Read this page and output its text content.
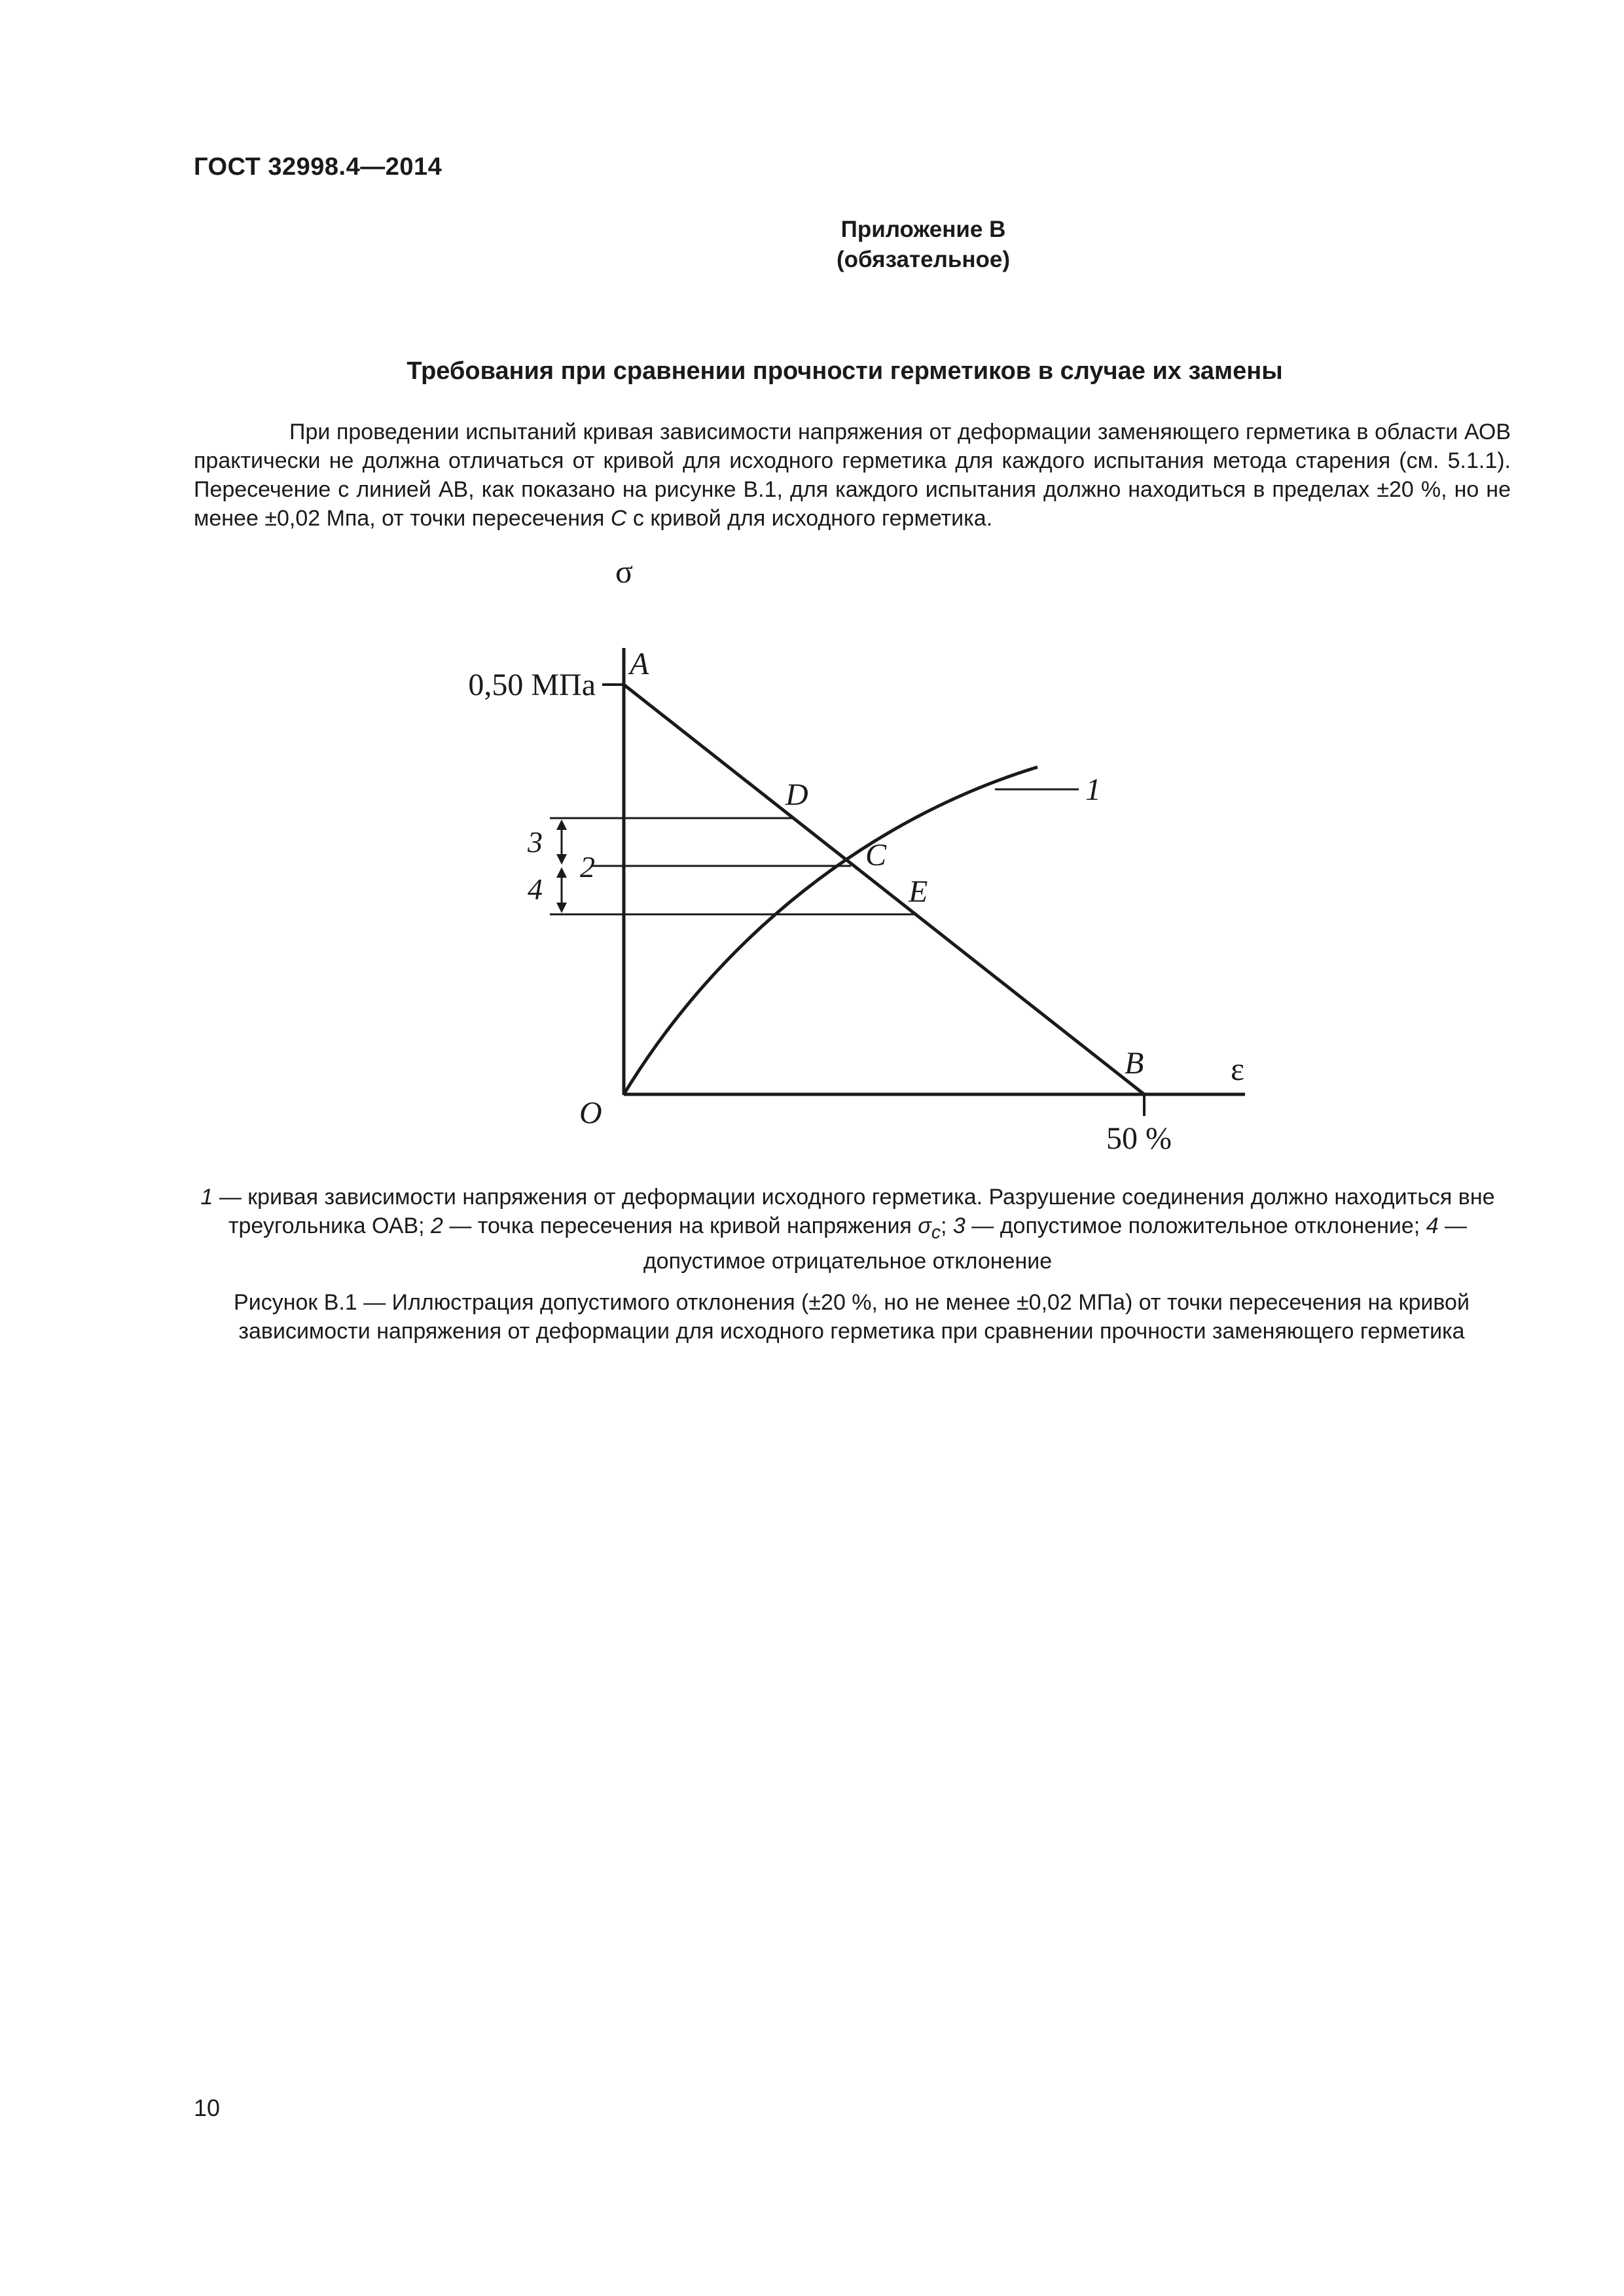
ГОСТ 32998.4—2014
Приложение В
(обязательное)
Требования при сравнении прочности герметиков в случае их замены
При проведении испытаний кривая зависимости напряжения от деформации заменяющего герметика в области АОВ практически не должна отличаться от кривой для исходного герметика для каждого испытания метода старения (см. 5.1.1). Пересечение с линией АВ, как показано на рисунке В.1, для каждого испытания должно находиться в пределах ±20 %, но не менее ±0,02 Мпа, от точки пересечения C с кривой для исходного герметика.
σ
ε
0,50 МПа
50 %
A
B
C
D
E
O
1
2
3
4
1 — кривая зависимости напряжения от деформации исходного герметика. Разрушение соединения должно находиться вне треугольника ОАВ; 2 — точка пересечения на кривой напряжения $\sigma_c$; 3 — допустимое положительное отклонение; 4 — допустимое отрицательное отклонение
Рисунок В.1 — Иллюстрация допустимого отклонения (±20 %, но не менее ±0,02 МПа) от точки пересечения на кривой зависимости напряжения от деформации для исходного герметика при сравнении прочности заменяющего герметика
10
